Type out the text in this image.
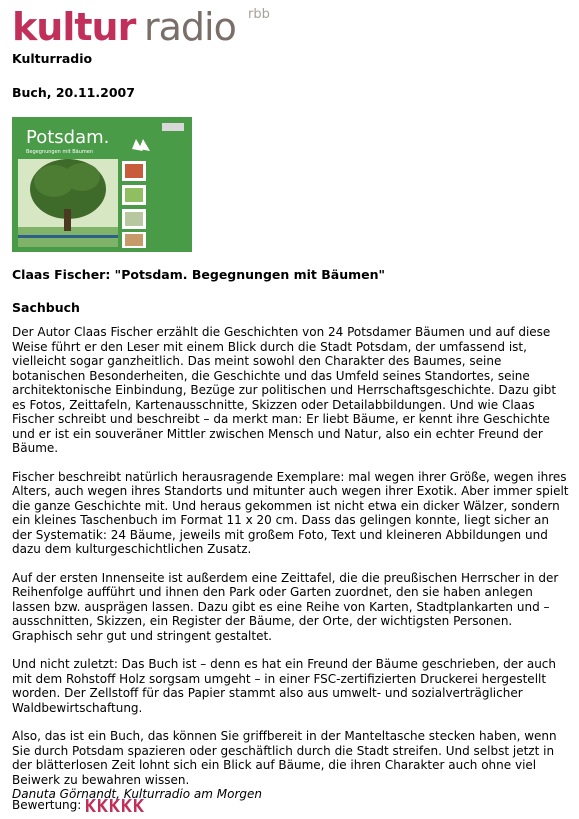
kultur radio rbb
Kulturradio
Buch, 20.11.2007
Potsdam.
Begegnungen mit Bäumen
Claas Fischer: "Potsdam. Begegnungen mit Bäumen"
Sachbuch

Der Autor Claas Fischer erzählt die Geschichten von 24 Potsdamer Bäumen und auf diese Weise führt er den Leser mit einem Blick durch die Stadt Potsdam, der umfassend ist, vielleicht sogar ganzheitlich. Das meint sowohl den Charakter des Baumes, seine botanischen Besonderheiten, die Geschichte und das Umfeld seines Standortes, seine architektonische Einbindung, Bezüge zur politischen und Herrschaftsgeschichte. Dazu gibt es Fotos, Zeittafeln, Kartenausschnitte, Skizzen oder Detailabbildungen. Und wie Claas Fischer schreibt und beschreibt – da merkt man: Er liebt Bäume, er kennt ihre Geschichte und er ist ein souveräner Mittler zwischen Mensch und Natur, also ein echter Freund der Bäume.

Fischer beschreibt natürlich herausragende Exemplare: mal wegen ihrer Größe, wegen ihres Alters, auch wegen ihres Standorts und mitunter auch wegen ihrer Exotik. Aber immer spielt die ganze Geschichte mit. Und heraus gekommen ist nicht etwa ein dicker Wälzer, sondern ein kleines Taschenbuch im Format 11 x 20 cm. Dass das gelingen konnte, liegt sicher an der Systematik: 24 Bäume, jeweils mit großem Foto, Text und kleineren Abbildungen und dazu dem kulturgeschichtlichen Zusatz.

Auf der ersten Innenseite ist außerdem eine Zeittafel, die die preußischen Herrscher in der Reihenfolge aufführt und ihnen den Park oder Garten zuordnet, den sie haben anlegen lassen bzw. ausprägen lassen. Dazu gibt es eine Reihe von Karten, Stadtplankarten und –ausschnitten, Skizzen, ein Register der Bäume, der Orte, der wichtigsten Personen. Graphisch sehr gut und stringent gestaltet.

Und nicht zuletzt: Das Buch ist – denn es hat ein Freund der Bäume geschrieben, der auch mit dem Rohstoff Holz sorgsam umgeht – in einer FSC-zertifizierten Druckerei hergestellt worden. Der Zellstoff für das Papier stammt also aus umwelt- und sozialverträglicher Waldbewirtschaftung.

Also, das ist ein Buch, das können Sie griffbereit in der Manteltasche stecken haben, wenn Sie durch Potsdam spazieren oder geschäftlich durch die Stadt streifen. Und selbst jetzt in der blätterlosen Zeit lohnt sich ein Blick auf Bäume, die ihren Charakter auch ohne viel Beiwerk zu bewahren wissen.

Danuta Görnandt, Kulturradio am Morgen
Bewertung:
